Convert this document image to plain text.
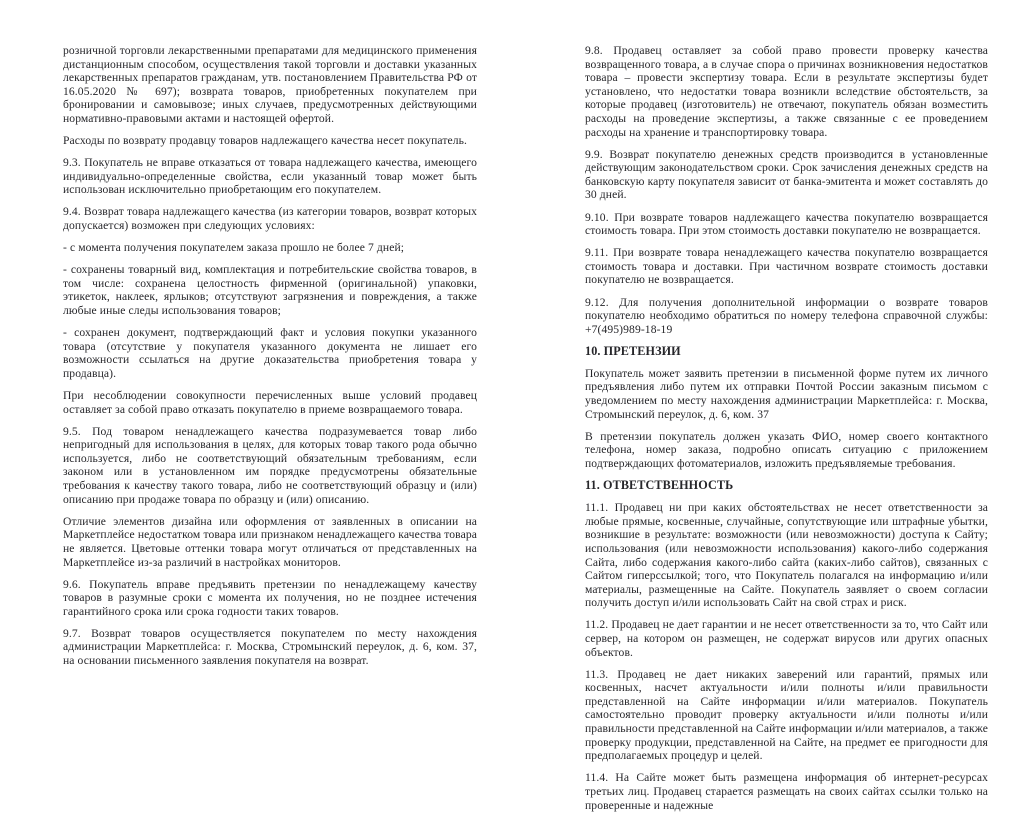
розничной торговли лекарственными препаратами для медицинского применения дистанционным способом, осуществления такой торговли и доставки указанных лекарственных препаратов гражданам, утв. постановлением Правительства РФ от 16.05.2020 № 697); возврата товаров, приобретенных покупателем при бронировании и самовывозе; иных случаев, предусмотренных действующими нормативно-правовыми актами и настоящей офертой.

Расходы по возврату продавцу товаров надлежащего качества несет покупатель.

9.3. Покупатель не вправе отказаться от товара надлежащего качества, имеющего индивидуально-определенные свойства, если указанный товар может быть использован исключительно приобретающим его покупателем.

9.4. Возврат товара надлежащего качества (из категории товаров, возврат которых допускается) возможен при следующих условиях:

- с момента получения покупателем заказа прошло не более 7 дней;

- сохранены товарный вид, комплектация и потребительские свойства товаров, в том числе: сохранена целостность фирменной (оригинальной) упаковки, этикеток, наклеек, ярлыков; отсутствуют загрязнения и повреждения, а также любые иные следы использования товаров;

- сохранен документ, подтверждающий факт и условия покупки указанного товара (отсутствие у покупателя указанного документа не лишает его возможности ссылаться на другие доказательства приобретения товара у продавца).

При несоблюдении совокупности перечисленных выше условий продавец оставляет за собой право отказать покупателю в приеме возвращаемого товара.

9.5. Под товаром ненадлежащего качества подразумевается товар либо непригодный для использования в целях, для которых товар такого рода обычно используется, либо не соответствующий обязательным требованиям, если законом или в установленном им порядке предусмотрены обязательные требования к качеству такого товара, либо не соответствующий образцу и (или) описанию при продаже товара по образцу и (или) описанию.

Отличие элементов дизайна или оформления от заявленных в описании на Маркетплейсе недостатком товара или признаком ненадлежащего качества товара не является. Цветовые оттенки товара могут отличаться от представленных на Маркетплейсе из-за различий в настройках мониторов.

9.6. Покупатель вправе предъявить претензии по ненадлежащему качеству товаров в разумные сроки с момента их получения, но не позднее истечения гарантийного срока или срока годности таких товаров.

9.7. Возврат товаров осуществляется покупателем по месту нахождения администрации Маркетплейса: г. Москва, Стромынский переулок, д. 6, ком. 37, на основании письменного заявления покупателя на возврат.

9.8. Продавец оставляет за собой право провести проверку качества возвращенного товара, а в случае спора о причинах возникновения недостатков товара – провести экспертизу товара. Если в результате экспертизы будет установлено, что недостатки товара возникли вследствие обстоятельств, за которые продавец (изготовитель) не отвечают, покупатель обязан возместить расходы на проведение экспертизы, а также связанные с ее проведением расходы на хранение и транспортировку товара.

9.9. Возврат покупателю денежных средств производится в установленные действующим законодательством сроки. Срок зачисления денежных средств на банковскую карту покупателя зависит от банка-эмитента и может составлять до 30 дней.

9.10. При возврате товаров надлежащего качества покупателю возвращается стоимость товара. При этом стоимость доставки покупателю не возвращается.

9.11. При возврате товара ненадлежащего качества покупателю возвращается стоимость товара и доставки. При частичном возврате стоимость доставки покупателю не возвращается.

9.12. Для получения дополнительной информации о возврате товаров покупателю необходимо обратиться по номеру телефона справочной службы: +7(495)989-18-19

10. ПРЕТЕНЗИИ

Покупатель может заявить претензии в письменной форме путем их личного предъявления либо путем их отправки Почтой России заказным письмом с уведомлением по месту нахождения администрации Маркетплейса: г. Москва, Стромынский переулок, д. 6, ком. 37

В претензии покупатель должен указать ФИО, номер своего контактного телефона, номер заказа, подробно описать ситуацию с приложением подтверждающих фотоматериалов, изложить предъявляемые требования.

11. ОТВЕТСТВЕННОСТЬ

11.1. Продавец ни при каких обстоятельствах не несет ответственности за любые прямые, косвенные, случайные, сопутствующие или штрафные убытки, возникшие в результате: возможности (или невозможности) доступа к Сайту; использования (или невозможности использования) какого-либо содержания Сайта, либо содержания какого-либо сайта (каких-либо сайтов), связанных с Сайтом гиперссылкой; того, что Покупатель полагался на информацию и/или материалы, размещенные на Сайте. Покупатель заявляет о своем согласии получить доступ и/или использовать Сайт на свой страх и риск.

11.2. Продавец не дает гарантии и не несет ответственности за то, что Сайт или сервер, на котором он размещен, не содержат вирусов или других опасных объектов.

11.3. Продавец не дает никаких заверений или гарантий, прямых или косвенных, насчет актуальности и/или полноты и/или правильности представленной на Сайте информации и/или материалов. Покупатель самостоятельно проводит проверку актуальности и/или полноты и/или правильности представленной на Сайте информации и/или материалов, а также проверку продукции, представленной на Сайте, на предмет ее пригодности для предполагаемых процедур и целей.

11.4. На Сайте может быть размещена информация об интернет-ресурсах третьих лиц. Продавец старается размещать на своих сайтах ссылки только на проверенные и надежные
